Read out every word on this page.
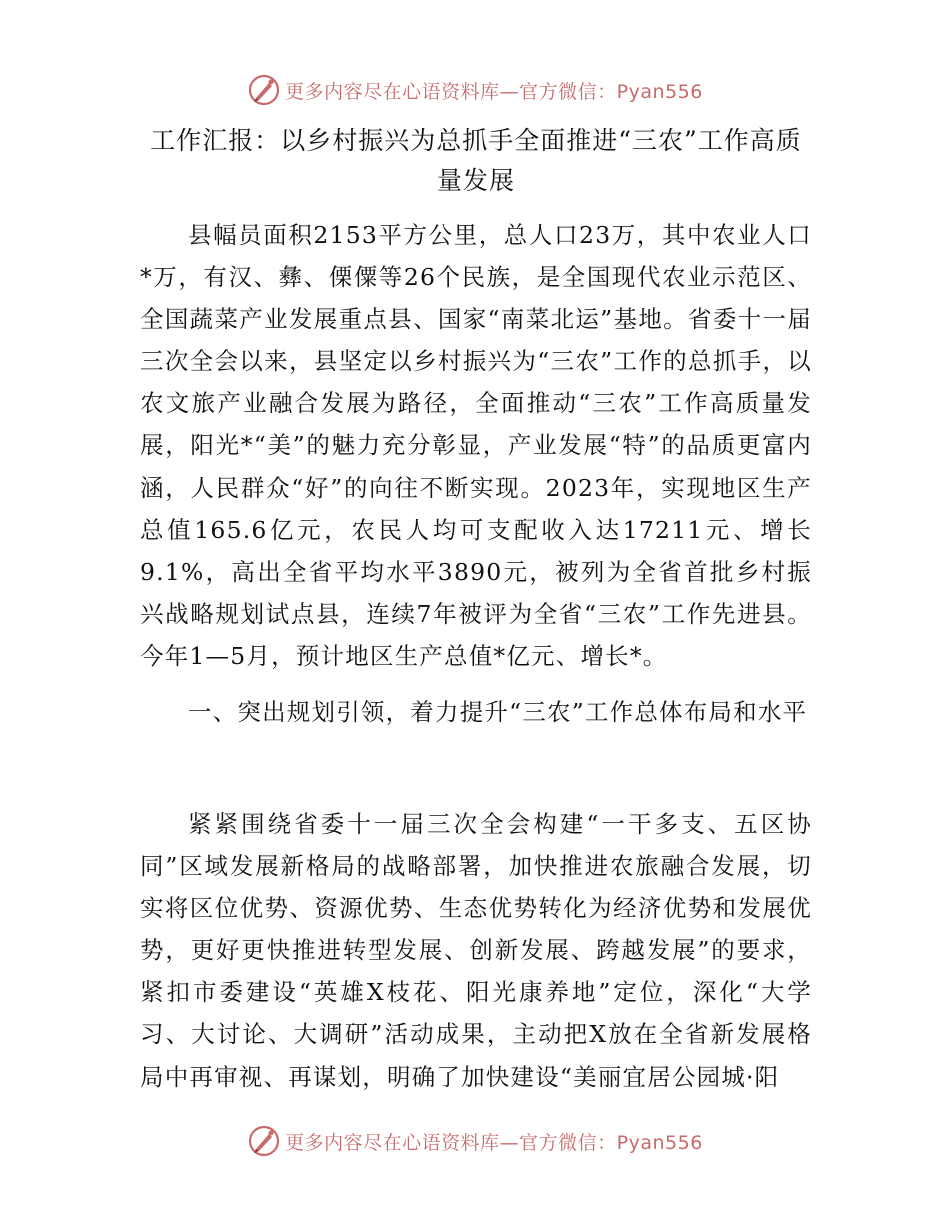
更多内容尽在心语资料库—官方微信：Pyan556
工作汇报：以乡村振兴为总抓手全面推进“三农”工作高质量发展

县幅员面积2153平方公里，总人口23万，其中农业人口*万，有汉、彝、傈僳等26个民族，是全国现代农业示范区、全国蔬菜产业发展重点县、国家“南菜北运”基地。省委十一届三次全会以来，县坚定以乡村振兴为“三农”工作的总抓手，以农文旅产业融合发展为路径，全面推动“三农”工作高质量发展，阳光*“美”的魅力充分彰显，产业发展“特”的品质更富内涵，人民群众“好”的向往不断实现。2023年，实现地区生产总值165.6亿元，农民人均可支配收入达17211元、增长9.1%，高出全省平均水平3890元，被列为全省首批乡村振兴战略规划试点县，连续7年被评为全省“三农”工作先进县。今年1—5月，预计地区生产总值*亿元、增长*。

一、突出规划引领，着力提升“三农”工作总体布局和水平

紧紧围绕省委十一届三次全会构建“一干多支、五区协同”区域发展新格局的战略部署，加快推进农旅融合发展，切实将区位优势、资源优势、生态优势转化为经济优势和发展优势，更好更快推进转型发展、创新发展、跨越发展”的要求，紧扣市委建设“英雄X枝花、阳光康养地”定位，深化“大学习、大讨论、大调研”活动成果，主动把X放在全省新发展格局中再审视、再谋划，明确了加快建设“美丽宜居公园城·阳

更多内容尽在心语资料库—官方微信：Pyan556
